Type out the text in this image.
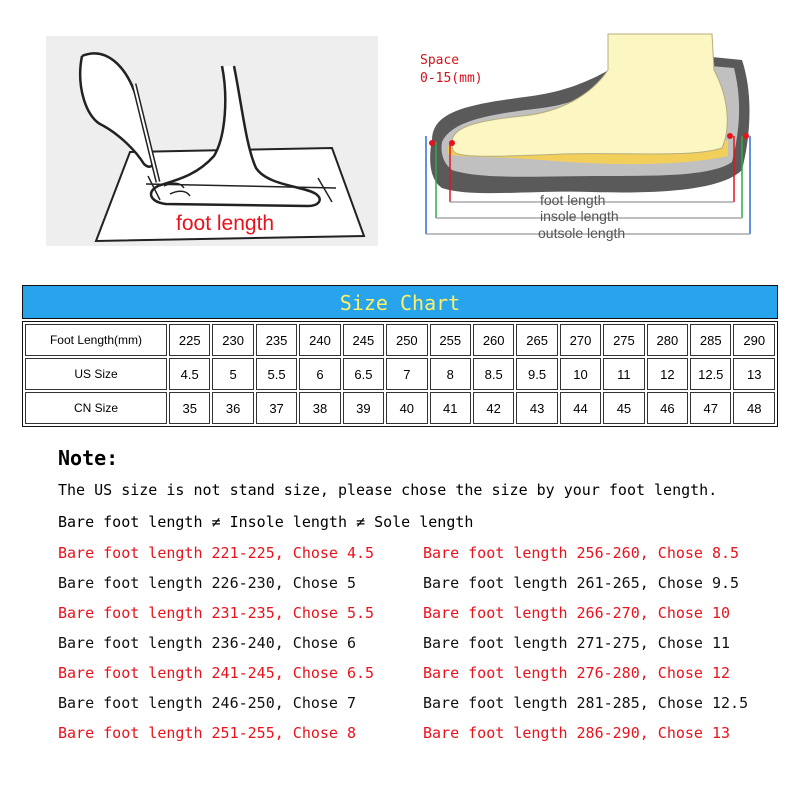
foot length
Space
0-15(mm)
foot length
insole length
outsole length
Size Chart
Foot Length(mm)	225	230	235	240	245	250	255	260	265	270	275	280	285	290
US Size	4.5	5	5.5	6	6.5	7	8	8.5	9.5	10	11	12	12.5	13
CN Size	35	36	37	38	39	40	41	42	43	44	45	46	47	48
Note:
The US size is not stand size, please chose the size by your foot length.
Bare foot length ≠ Insole length ≠ Sole length
Bare foot length 221-225, Chose 4.5
Bare foot length 226-230, Chose 5
Bare foot length 231-235, Chose 5.5
Bare foot length 236-240, Chose 6
Bare foot length 241-245, Chose 6.5
Bare foot length 246-250, Chose 7
Bare foot length 251-255, Chose 8
Bare foot length 256-260, Chose 8.5
Bare foot length 261-265, Chose 9.5
Bare foot length 266-270, Chose 10
Bare foot length 271-275, Chose 11
Bare foot length 276-280, Chose 12
Bare foot length 281-285, Chose 12.5
Bare foot length 286-290, Chose 13
